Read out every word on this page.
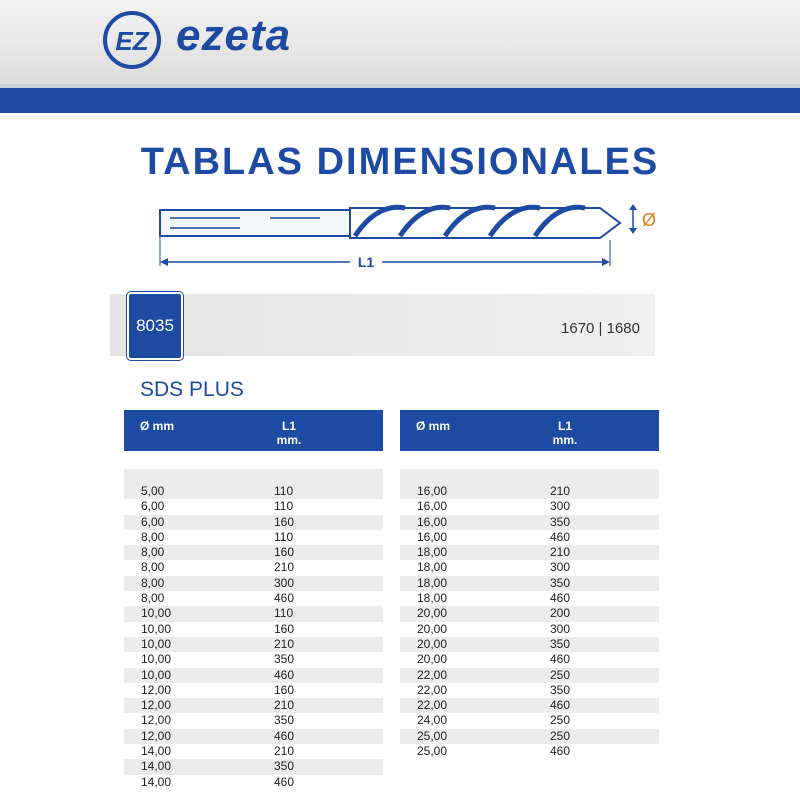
EZ ezeta
TABLAS DIMENSIONALES
Ø
L1
8035	1670 | 1680
SDS PLUS
Ø mm	L1
mm.
5,00	110
6,00	110
6,00	160
8,00	110
8,00	160
8,00	210
8,00	300
8,00	460
10,00	110
10,00	160
10,00	210
10,00	350
10,00	460
12,00	160
12,00	210
12,00	350
12,00	460
14,00	210
14,00	350
14,00	460
Ø mm	L1
mm.
16,00	210
16,00	300
16,00	350
16,00	460
18,00	210
18,00	300
18,00	350
18,00	460
20,00	200
20,00	300
20,00	350
20,00	460
22,00	250
22,00	350
22,00	460
24,00	250
25,00	250
25,00	460
